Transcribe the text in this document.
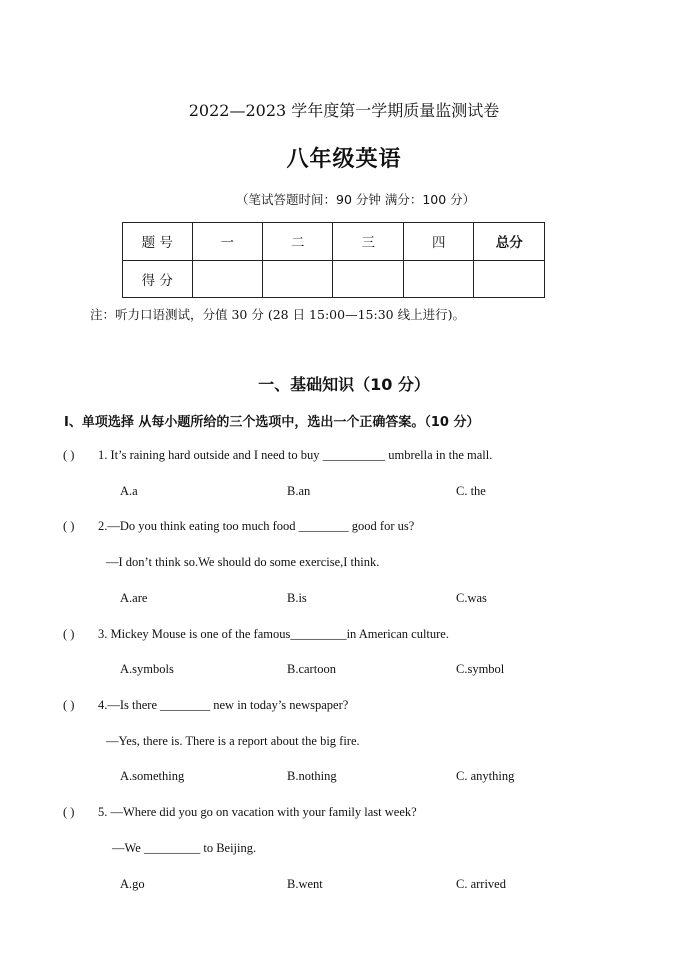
2022—2023 学年度第一学期质量监测试卷
八年级英语
（笔试答题时间：90 分钟 满分：100 分）
题 号	一	二	三	四	总分
得 分					
注：听力口语测试，分值 30 分 (28 日 15:00—15:30 线上进行)。
一、基础知识（10 分）
Ⅰ、单项选择 从每小题所给的三个选项中，选出一个正确答案。（10 分）
( ) 1. It’s raining hard outside and I need to buy __________ umbrella in the mall.
A.a	B.an	C. the
( ) 2.—Do you think eating too much food ________ good for us?
—I don’t think so.We should do some exercise,I think.
A.are	B.is	C.was
( ) 3. Mickey Mouse is one of the famous_________in American culture.
A.symbols	B.cartoon	C.symbol
( ) 4.—Is there ________ new in today’s newspaper?
—Yes, there is. There is a report about the big fire.
A.something	B.nothing	C. anything
( ) 5. —Where did you go on vacation with your family last week?
—We _________ to Beijing.
A.go	B.went	C. arrived
